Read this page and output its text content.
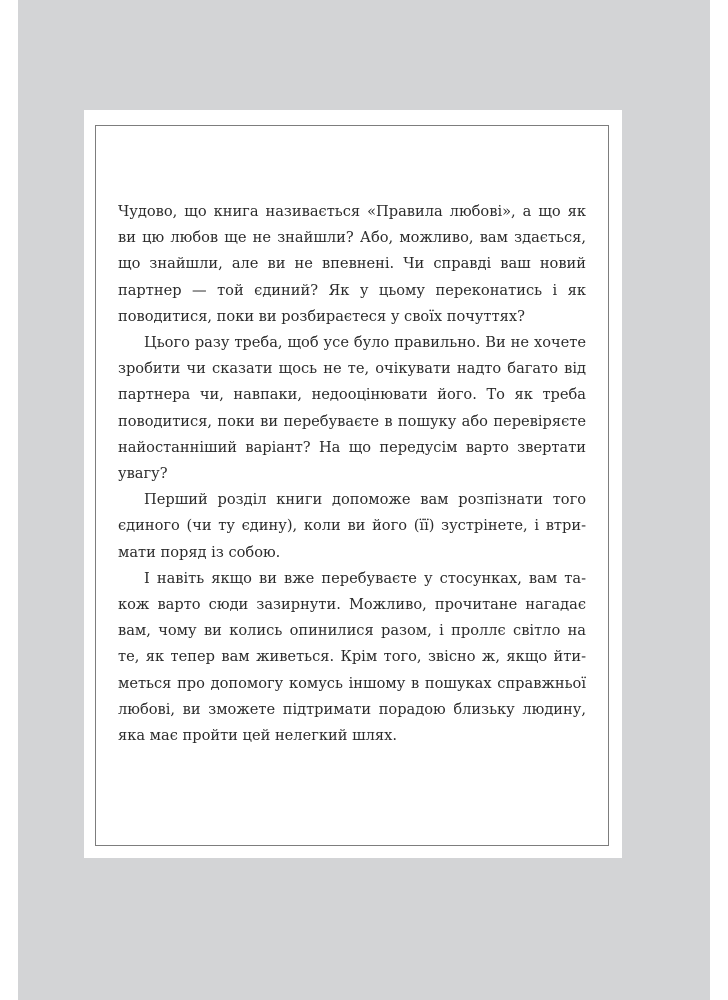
Чудово, що книга називається «Правила любові», а що як ви цю любов ще не знайшли? Або, можливо, вам здається, що знайшли, але ви не впевнені. Чи справді ваш новий партнер — той єдиний? Як у цьому переконатись і як поводитися, поки ви розбираєтеся у своїх почуттях?

Цього разу треба, щоб усе було правильно. Ви не хочете зробити чи сказати щось не те, очікувати надто багато від партнера чи, навпаки, недооцінювати його. То як треба поводитися, поки ви перебуваєте в пошуку або перевіряєте найостанніший варіант? На що передусім варто звертати увагу?

Перший розділ книги допоможе вам розпізнати того єдиного (чи ту єдину), коли ви його (її) зустрінете, і втримати поряд із собою.

І навіть якщо ви вже перебуваєте у стосунках, вам також варто сюди зазирнути. Можливо, прочитане нагадає вам, чому ви колись опинилися разом, і проллє світло на те, як тепер вам живеться. Крім того, звісно ж, якщо йтиметься про допомогу комусь іншому в пошуках справжньої любові, ви зможете підтримати порадою близьку людину, яка має пройти цей нелегкий шлях.
